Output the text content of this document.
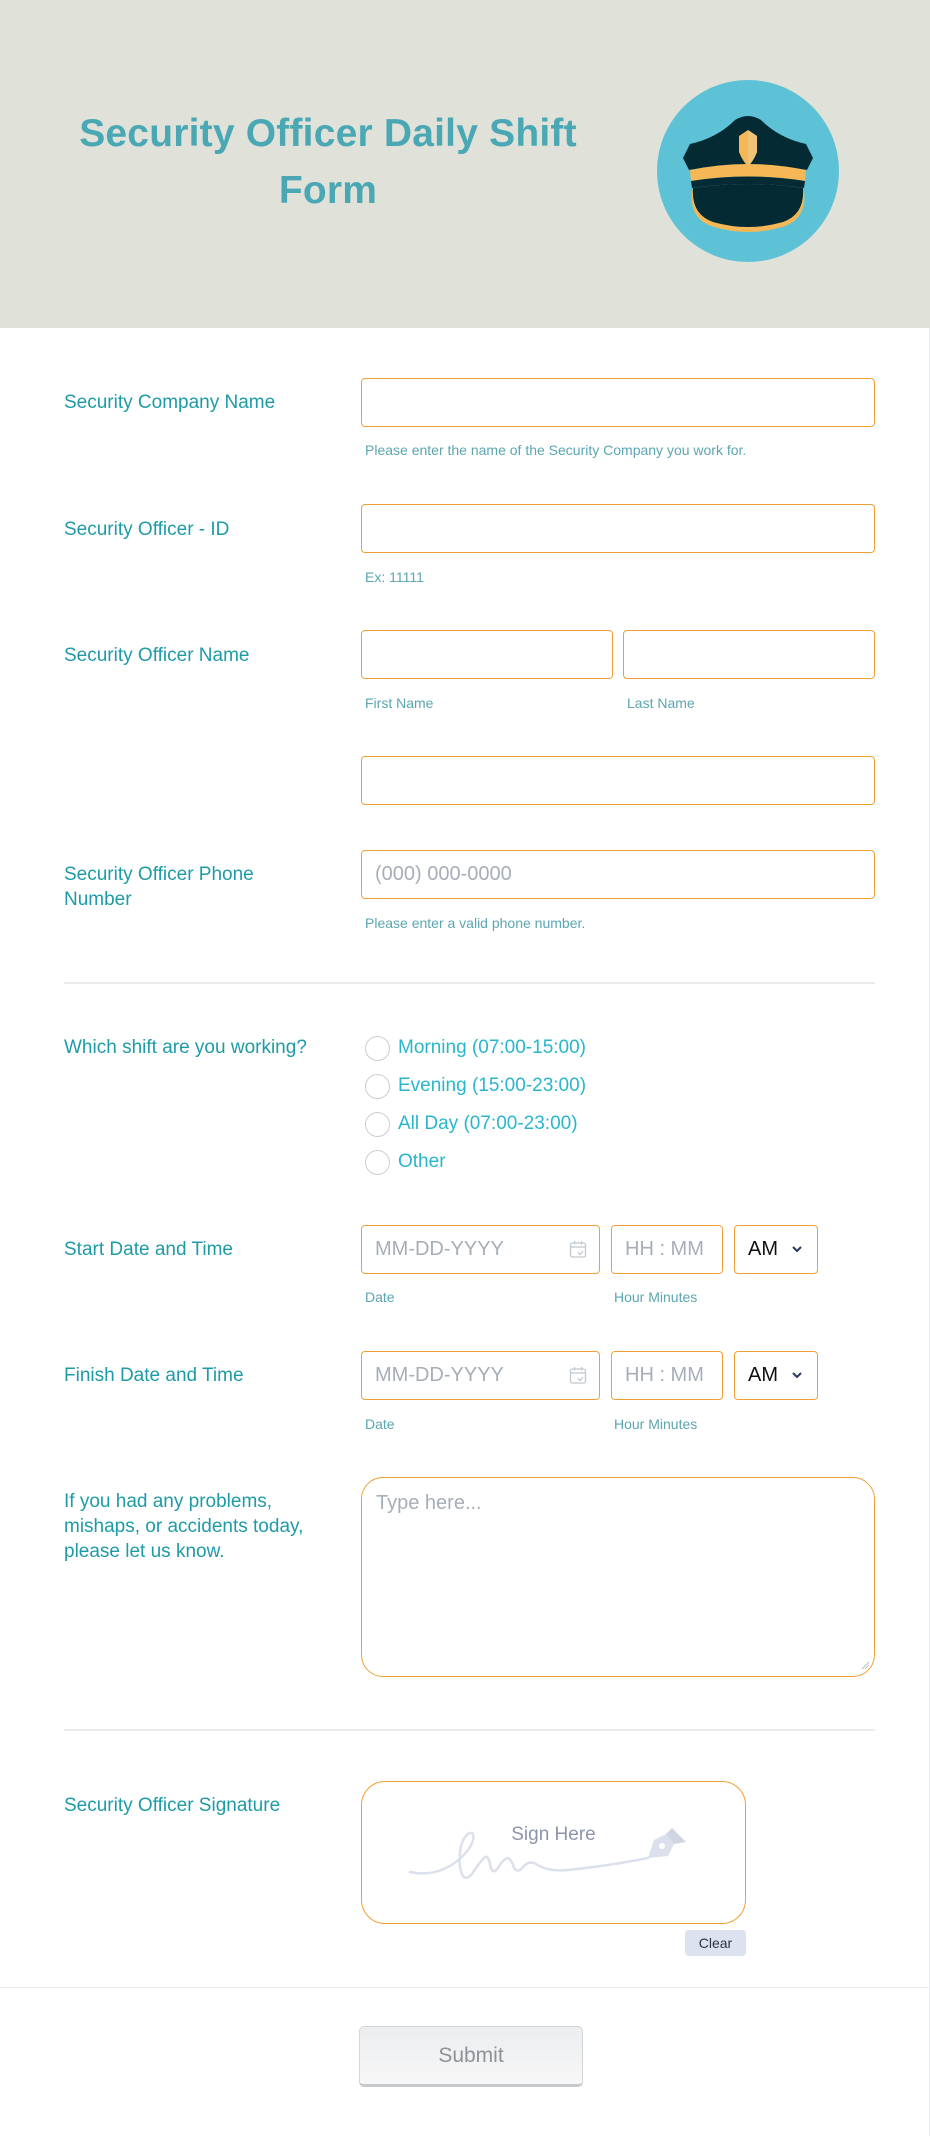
Security Officer Daily Shift Form
Security Company Name
Please enter the name of the Security Company you work for.
Security Officer - ID
Ex: 11111
Security Officer Name
First Name	Last Name
Security Officer Phone
Number
(000) 000-0000
Please enter a valid phone number.
Which shift are you working?	Morning (07:00-15:00)
Evening (15:00-23:00)
All Day (07:00-23:00)
Other
Start Date and Time
MM-DD-YYYY
HH : MM	AM
Date	Hour Minutes
Finish Date and Time
MM-DD-YYYY
HH : MM	AM
Date	Hour Minutes
If you had any problems,
mishaps, or accidents today,
please let us know.
Type here...
Security Officer Signature
Sign Here
Clear
Submit
